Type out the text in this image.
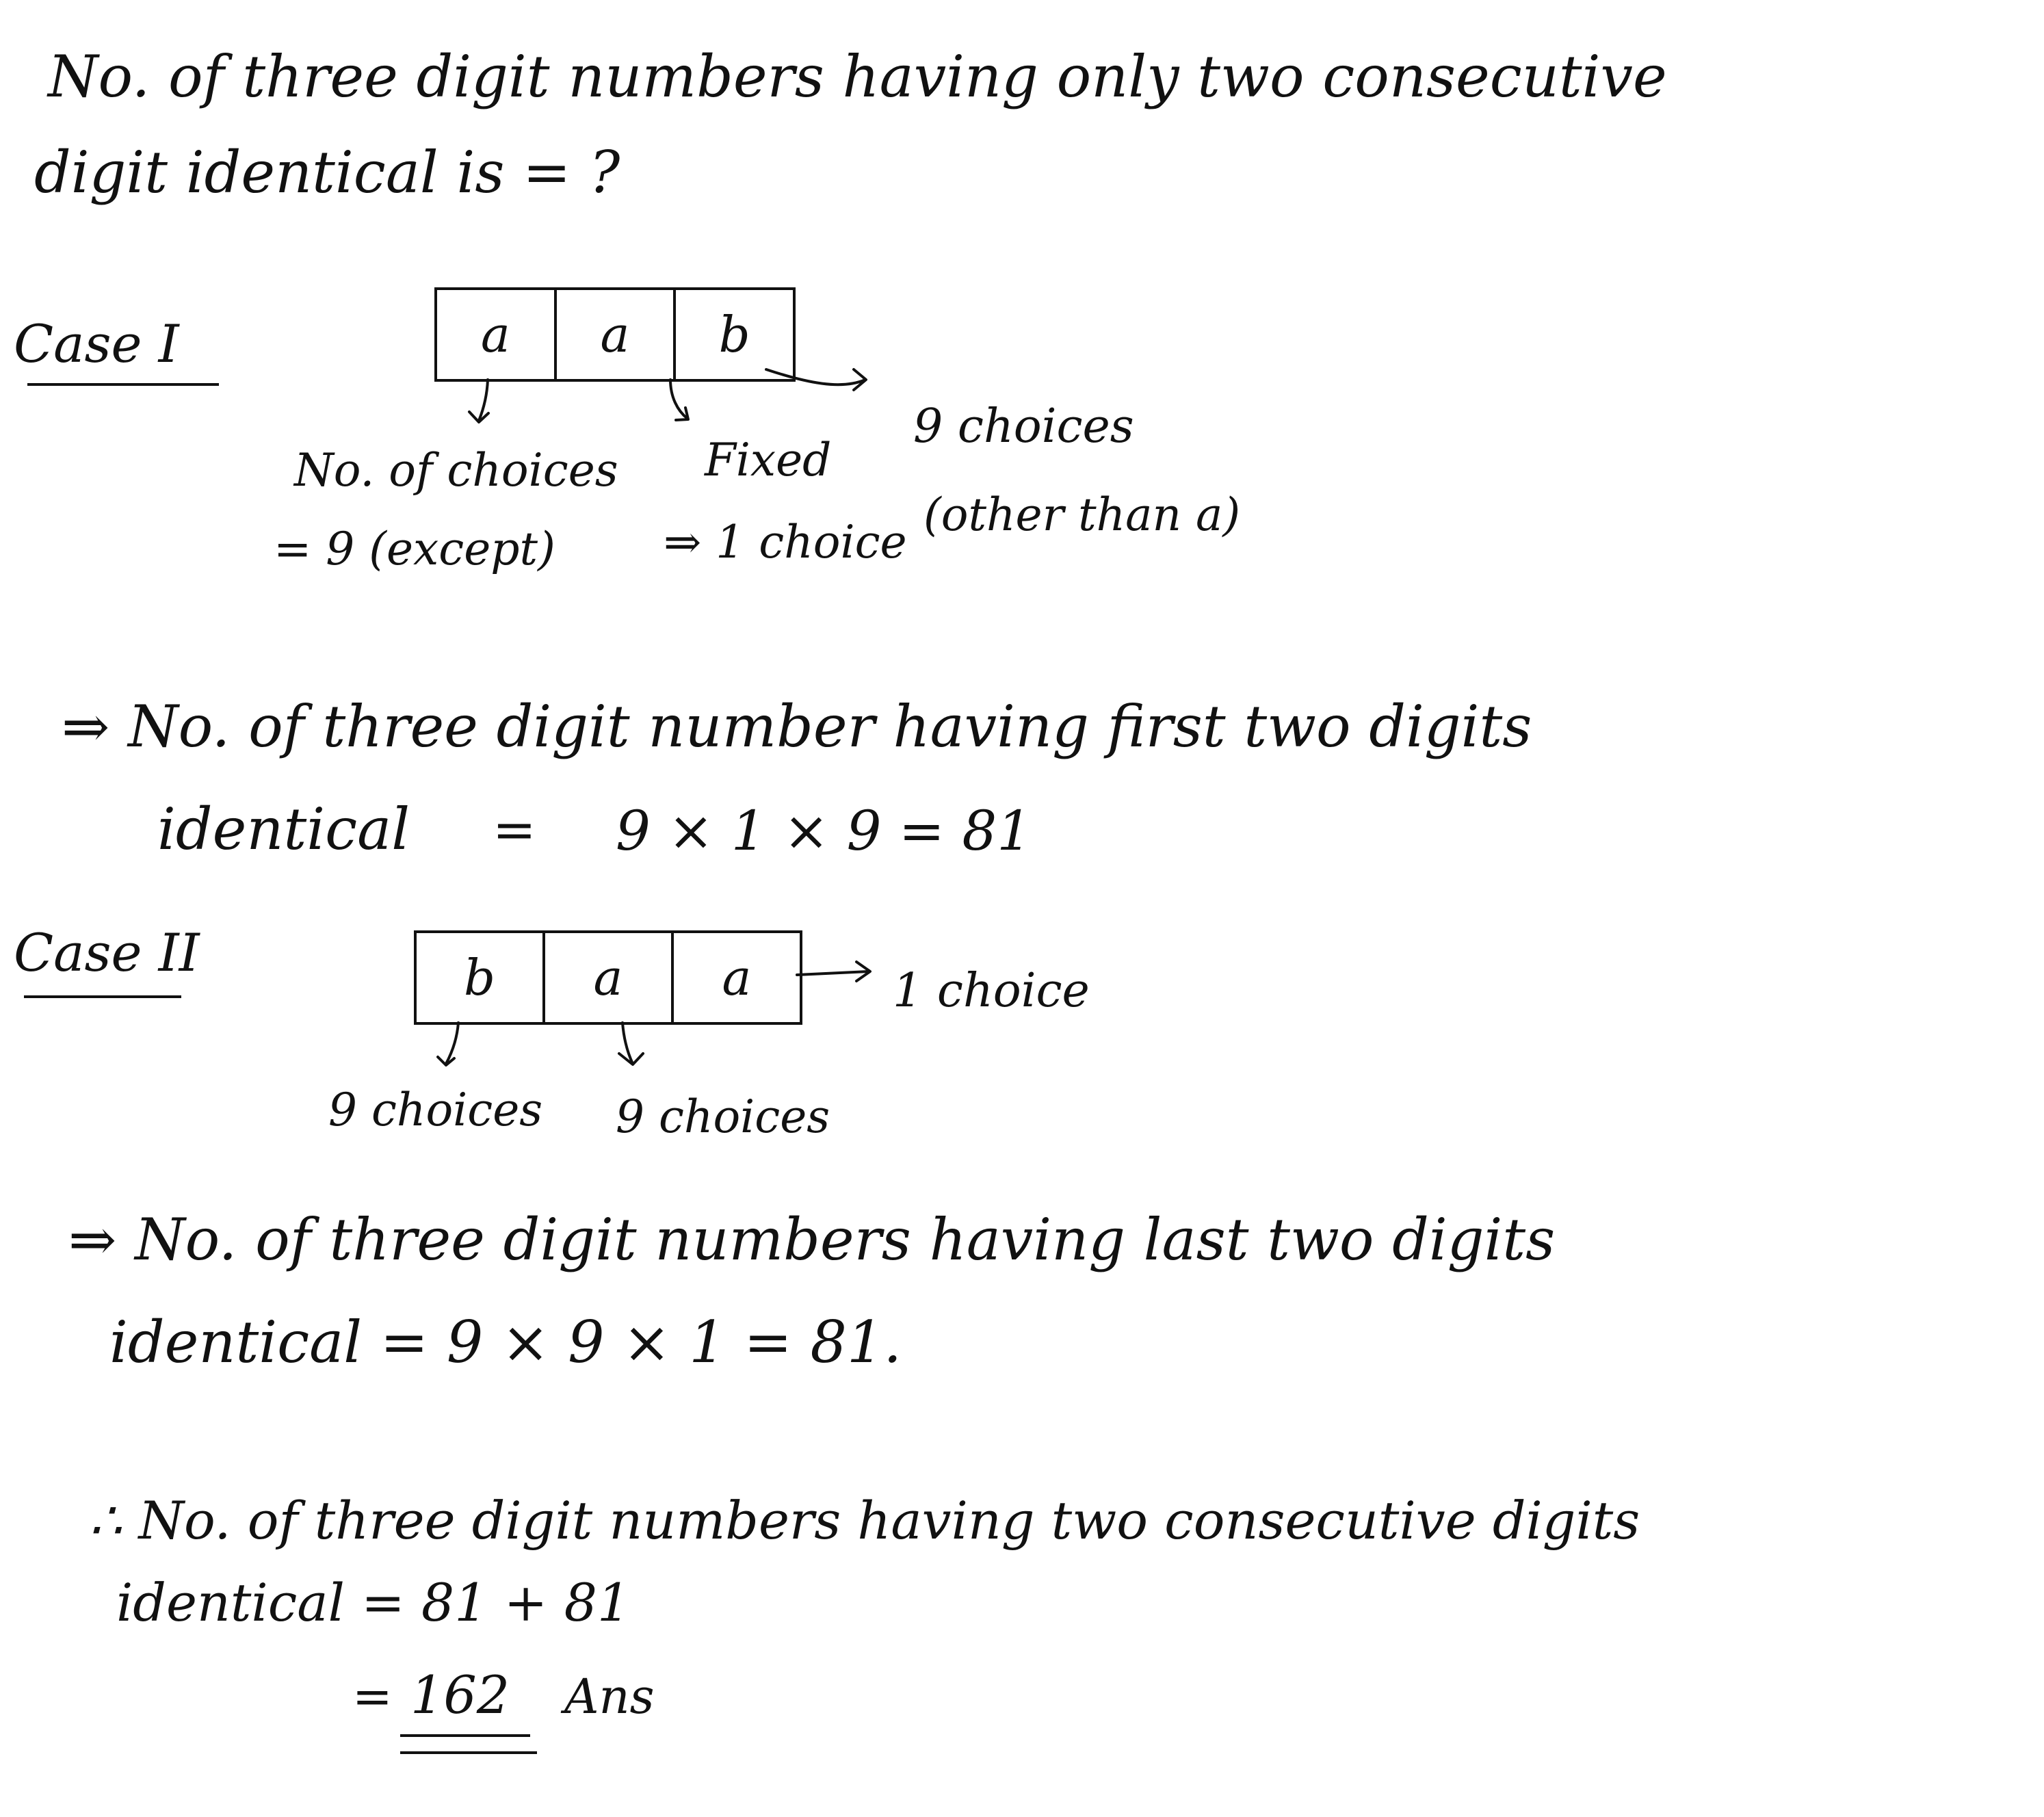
No. of three digit numbers having only two consecutive
digit identical is = ?
Case I	a	a	b
No. of choices
= 9 (except)
Fixed
⇒ 1 choice
9 choices
(other than a)
⇒ No. of three digit number having first two digits
identical = 9 × 1 × 9 = 81
Case II	b	a	a	1 choice
9 choices 9 choices
⇒ No. of three digit numbers having last two digits
identical = 9 × 9 × 1 = 81.
∴ No. of three digit numbers having two consecutive digits
identical = 81 + 81
= 162 Ans
